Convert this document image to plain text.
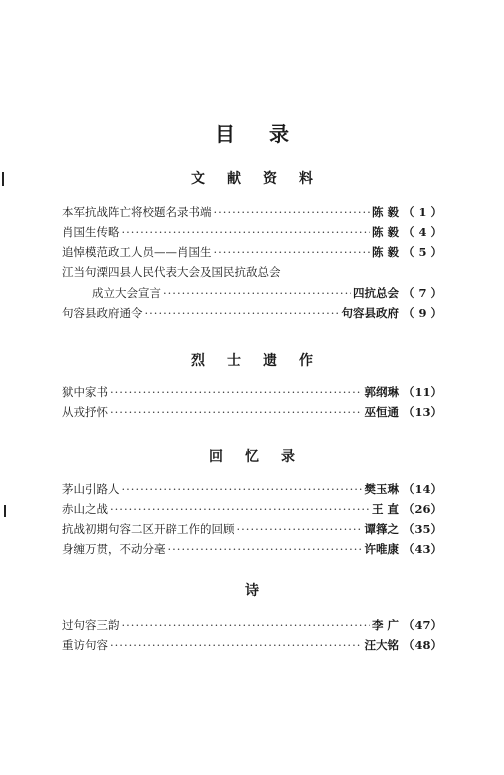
目录
文献资料
本军抗战阵亡将校题名录书端 ·····	陈 毅 （ 1 ）
肖国生传略 ·····	陈 毅 （ 4 ）
追悼模范政工人员——肖国生 ·····	陈 毅 （ 5 ）
江当句溧四县人民代表大会及国民抗敌总会
成立大会宣言 ·····	四抗总会 （ 7 ）
句容县政府通令 ·····	句容县政府 （ 9 ）
烈士遗作
狱中家书 ·····	郭纲琳 （11）
从戎抒怀 ·····	巫恒通 （13）
回忆录
茅山引路人 ·····	樊玉琳 （14）
赤山之战 ·····	王 直 （26）
抗战初期句容二区开辟工作的回顾 ·····	谭箨之 （35）
身缠万贯，不动分毫 ·····	许唯康 （43）
诗
过句容三韵 ·····	李 广 （47）
重访句容 ·····	汪大铭 （48）
